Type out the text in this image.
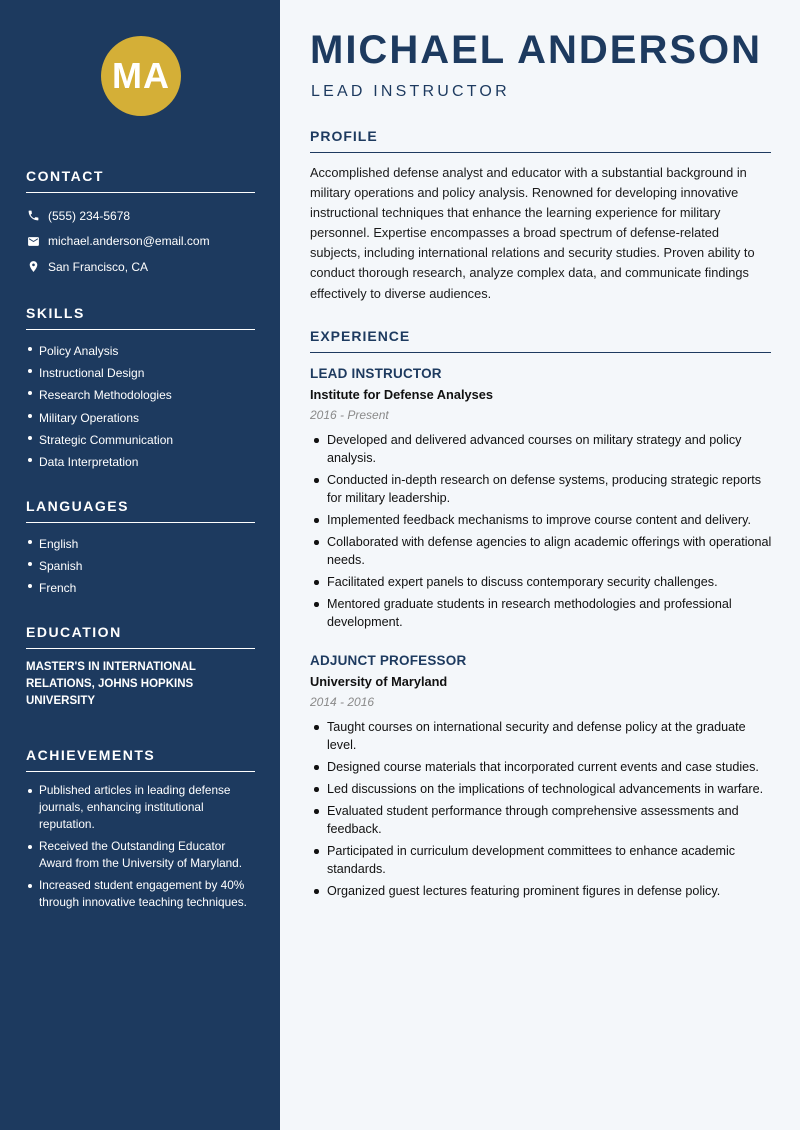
MA
CONTACT
(555) 234-5678
michael.anderson@email.com
San Francisco, CA
SKILLS
Policy Analysis
Instructional Design
Research Methodologies
Military Operations
Strategic Communication
Data Interpretation
LANGUAGES
English
Spanish
French
EDUCATION
MASTER'S IN INTERNATIONAL RELATIONS, JOHNS HOPKINS UNIVERSITY
ACHIEVEMENTS
Published articles in leading defense journals, enhancing institutional reputation.
Received the Outstanding Educator Award from the University of Maryland.
Increased student engagement by 40% through innovative teaching techniques.
MICHAEL ANDERSON
LEAD INSTRUCTOR
PROFILE
Accomplished defense analyst and educator with a substantial background in military operations and policy analysis. Renowned for developing innovative instructional techniques that enhance the learning experience for military personnel. Expertise encompasses a broad spectrum of defense-related subjects, including international relations and security studies. Proven ability to conduct thorough research, analyze complex data, and communicate findings effectively to diverse audiences.
EXPERIENCE
LEAD INSTRUCTOR
Institute for Defense Analyses
2016 - Present
Developed and delivered advanced courses on military strategy and policy analysis.
Conducted in-depth research on defense systems, producing strategic reports for military leadership.
Implemented feedback mechanisms to improve course content and delivery.
Collaborated with defense agencies to align academic offerings with operational needs.
Facilitated expert panels to discuss contemporary security challenges.
Mentored graduate students in research methodologies and professional development.
ADJUNCT PROFESSOR
University of Maryland
2014 - 2016
Taught courses on international security and defense policy at the graduate level.
Designed course materials that incorporated current events and case studies.
Led discussions on the implications of technological advancements in warfare.
Evaluated student performance through comprehensive assessments and feedback.
Participated in curriculum development committees to enhance academic standards.
Organized guest lectures featuring prominent figures in defense policy.
